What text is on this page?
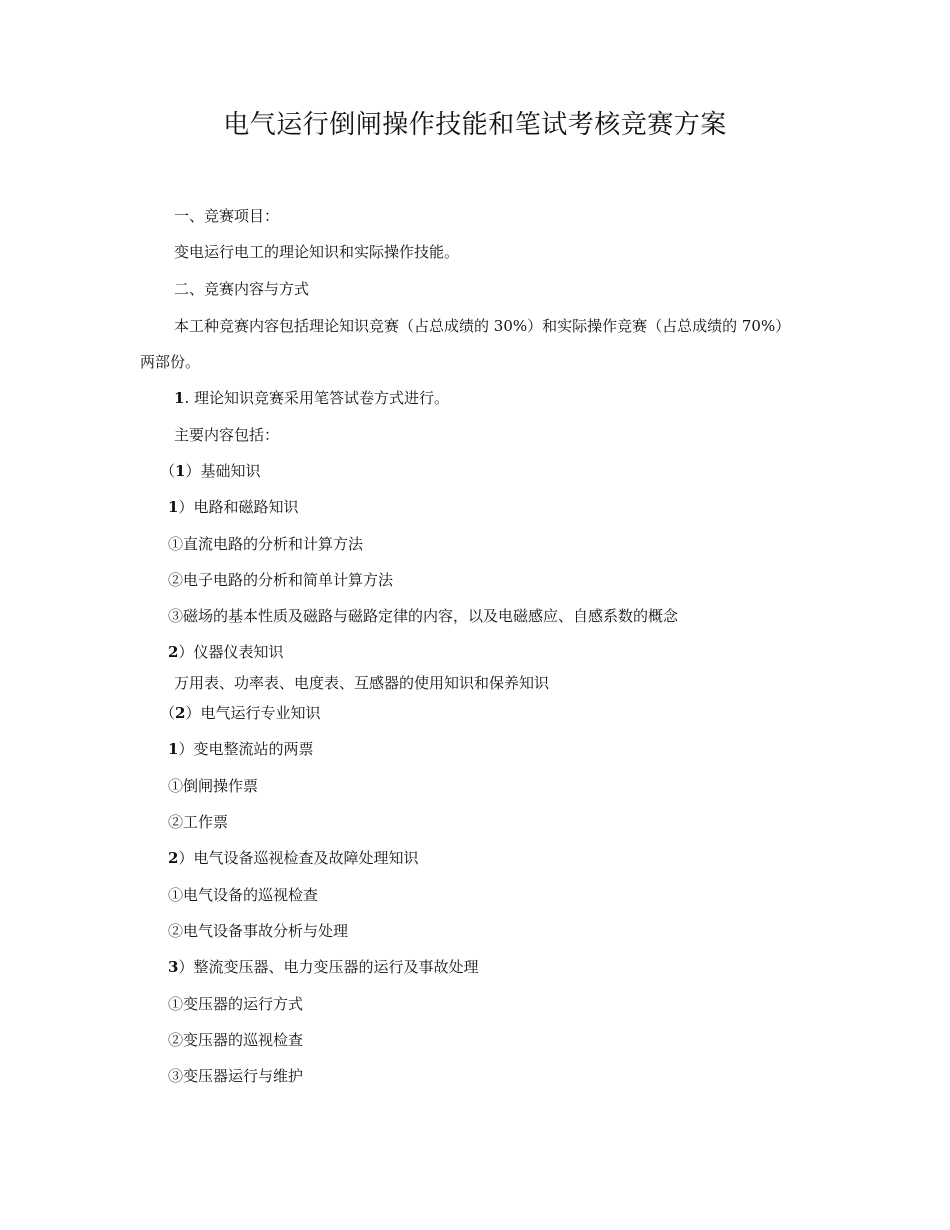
电气运行倒闸操作技能和笔试考核竞赛方案
一、竞赛项目：
变电运行电工的理论知识和实际操作技能。
二、竞赛内容与方式
本工种竞赛内容包括理论知识竞赛（占总成绩的 30%）和实际操作竞赛（占总成绩的 70%）
两部份。
1. 理论知识竞赛采用笔答试卷方式进行。
主要内容包括：
（1）基础知识
1）电路和磁路知识
①直流电路的分析和计算方法
②电子电路的分析和简单计算方法
③磁场的基本性质及磁路与磁路定律的内容，以及电磁感应、自感系数的概念
2）仪器仪表知识
万用表、功率表、电度表、互感器的使用知识和保养知识
（2）电气运行专业知识
1）变电整流站的两票
①倒闸操作票
②工作票
2）电气设备巡视检查及故障处理知识
①电气设备的巡视检查
②电气设备事故分析与处理
3）整流变压器、电力变压器的运行及事故处理
①变压器的运行方式
②变压器的巡视检查
③变压器运行与维护
